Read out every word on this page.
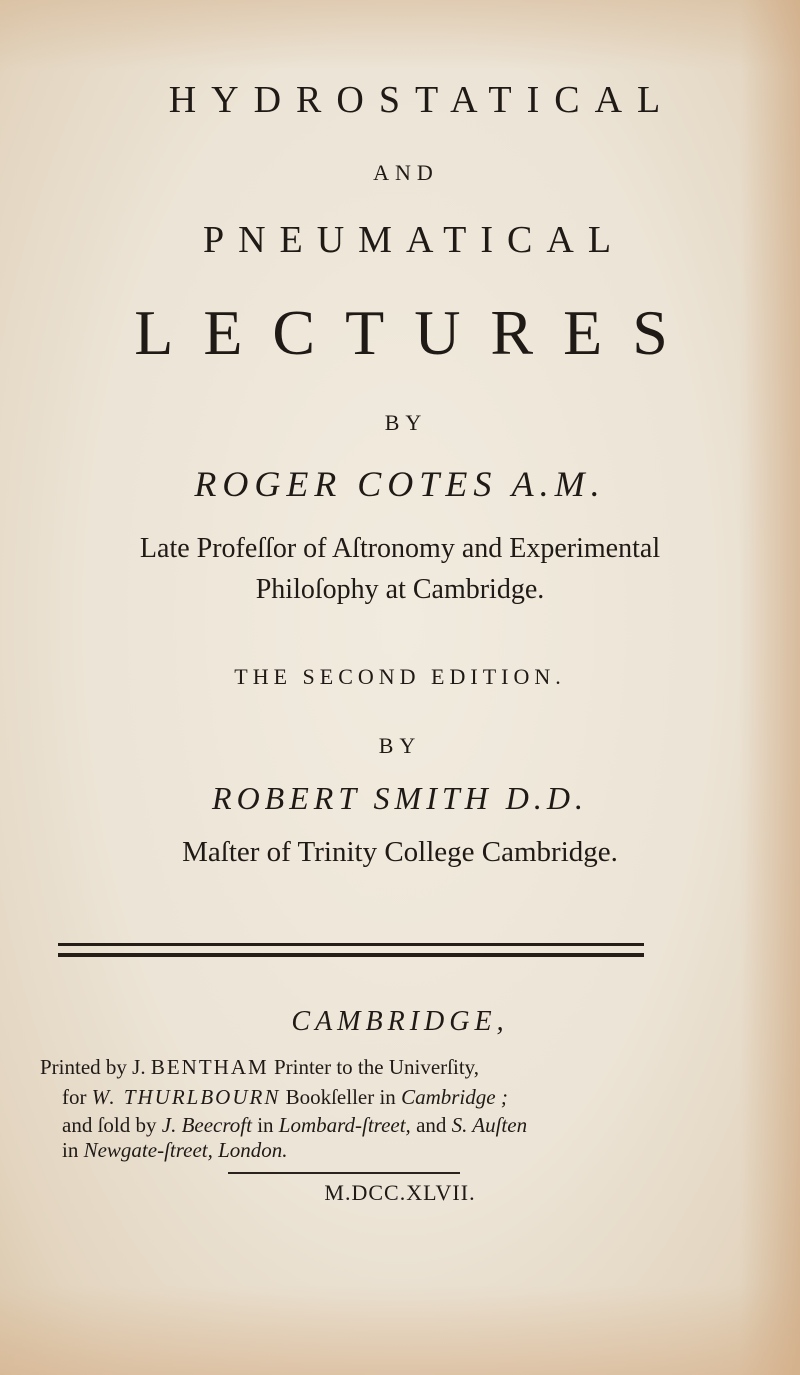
HYDROSTATICAL
AND
PNEUMATICAL
LECTURES
BY
ROGER COTES A.M.
Late Profeſſor of Aſtronomy and Experimental
Philoſophy at Cambridge.
THE SECOND EDITION.
BY
ROBERT SMITH D.D.
Maſter of Trinity College Cambridge.
CAMBRIDGE,
Printed by J. BENTHAM Printer to the Univerſity,
for W. THURLBOURN Bookſeller in Cambridge ;
and ſold by J. Beecroft in Lombard-ſtreet, and S. Auſten
in Newgate-ſtreet, London.
M.DCC.XLVII.
